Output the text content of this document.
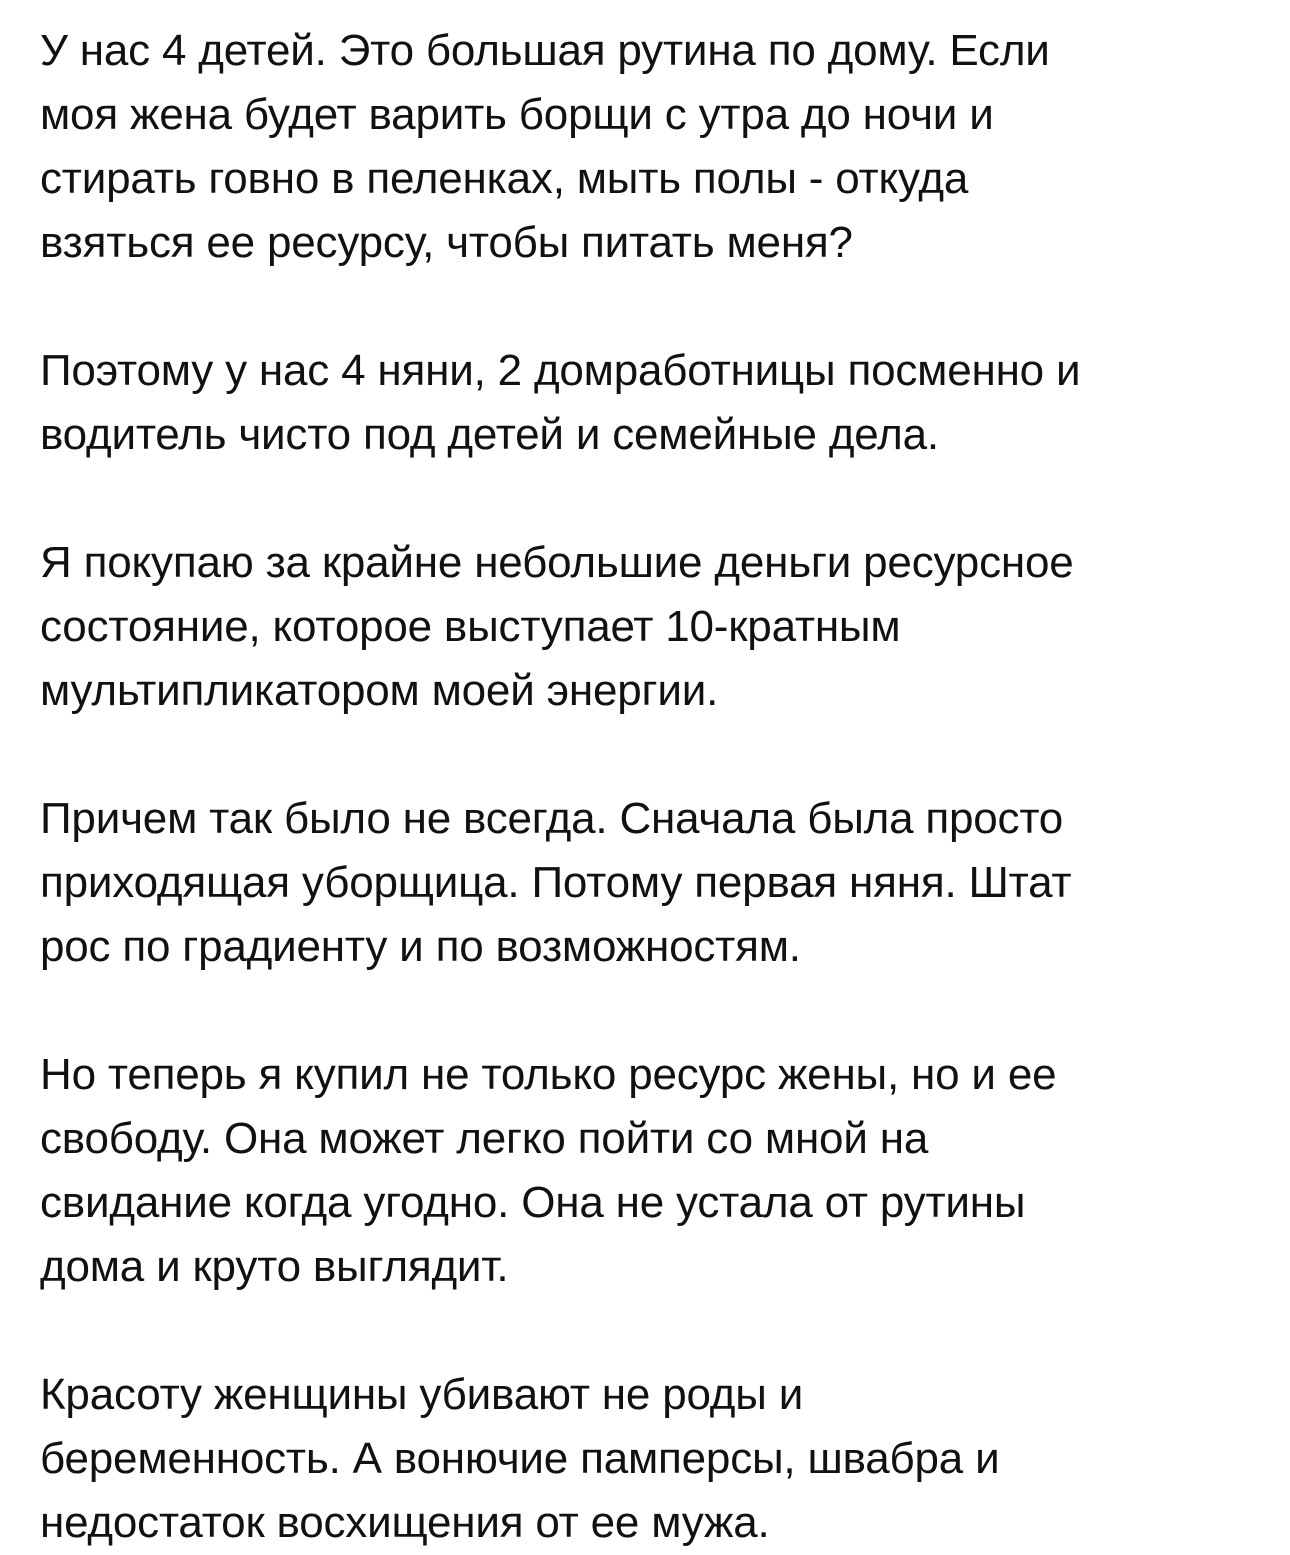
У нас 4 детей. Это большая рутина по дому. Если
моя жена будет варить борщи с утра до ночи и
стирать говно в пеленках, мыть полы - откуда
взяться ее ресурсу, чтобы питать меня?
Поэтому у нас 4 няни, 2 домработницы посменно и
водитель чисто под детей и семейные дела.
Я покупаю за крайне небольшие деньги ресурсное
состояние, которое выступает 10-кратным
мультипликатором моей энергии.
Причем так было не всегда. Сначала была просто
приходящая уборщица. Потому первая няня. Штат
рос по градиенту и по возможностям.
Но теперь я купил не только ресурс жены, но и ее
свободу. Она может легко пойти со мной на
свидание когда угодно. Она не устала от рутины
дома и круто выглядит.
Красоту женщины убивают не роды и
беременность. А вонючие памперсы, швабра и
недостаток восхищения от ее мужа.
